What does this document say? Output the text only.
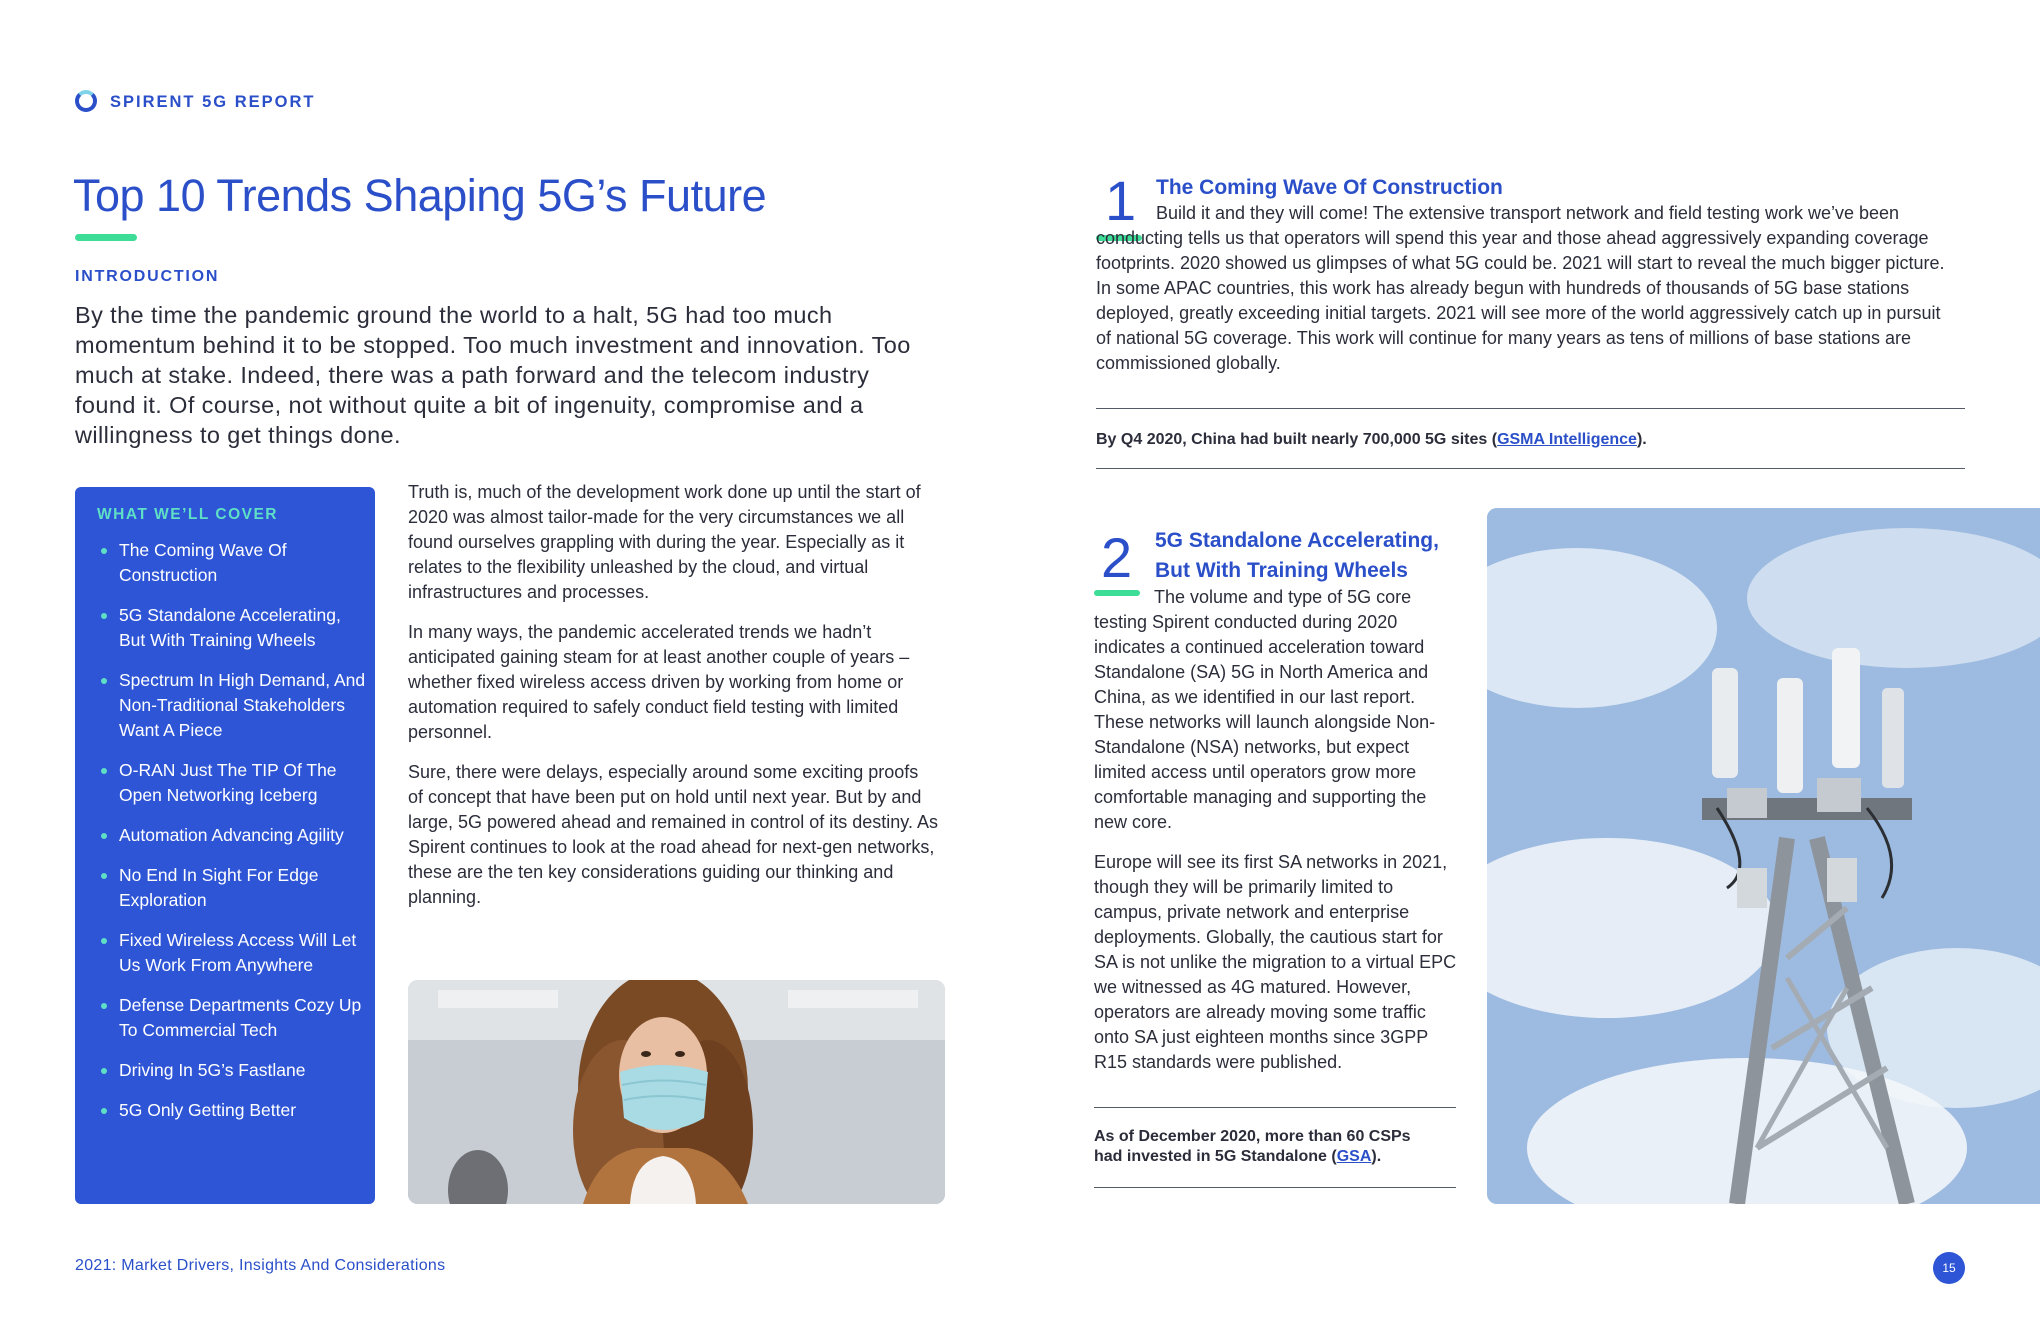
SPIRENT 5G REPORT
Top 10 Trends Shaping 5G’s Future
INTRODUCTION
By the time the pandemic ground the world to a halt, 5G had too much momentum behind it to be stopped. Too much investment and innovation. Too much at stake. Indeed, there was a path forward and the telecom industry found it. Of course, not without quite a bit of ingenuity, compromise and a willingness to get things done.
WHAT WE’LL COVER
The Coming Wave Of Construction
5G Standalone Accelerating, But With Training Wheels
Spectrum In High Demand, And Non-Traditional Stakeholders Want A Piece
O-RAN Just The TIP Of The Open Networking Iceberg
Automation Advancing Agility
No End In Sight For Edge Exploration
Fixed Wireless Access Will Let Us Work From Anywhere
Defense Departments Cozy Up To Commercial Tech
Driving In 5G’s Fastlane
5G Only Getting Better

Truth is, much of the development work done up until the start of 2020 was almost tailor-made for the very circumstances we all found ourselves grappling with during the year. Especially as it relates to the flexibility unleashed by the cloud, and virtual infrastructures and processes.

In many ways, the pandemic accelerated trends we hadn’t anticipated gaining steam for at least another couple of years – whether fixed wireless access driven by working from home or automation required to safely conduct field testing with limited personnel.

Sure, there were delays, especially around some exciting proofs of concept that have been put on hold until next year. But by and large, 5G powered ahead and remained in control of its destiny. As Spirent continues to look at the road ahead for next-gen networks, these are the ten key considerations guiding our thinking and planning.

1 The Coming Wave Of Construction
Build it and they will come! The extensive transport network and field testing work we’ve been conducting tells us that operators will spend this year and those ahead aggressively expanding coverage footprints. 2020 showed us glimpses of what 5G could be. 2021 will start to reveal the much bigger picture. In some APAC countries, this work has already begun with hundreds of thousands of 5G base stations deployed, greatly exceeding initial targets. 2021 will see more of the world aggressively catch up in pursuit of national 5G coverage. This work will continue for many years as tens of millions of base stations are commissioned globally.
By Q4 2020, China had built nearly 700,000 5G sites (GSMA Intelligence).
2 5G Standalone Accelerating, But With Training Wheels

The volume and type of 5G core testing Spirent conducted during 2020 indicates a continued acceleration toward Standalone (SA) 5G in North America and China, as we identified in our last report. These networks will launch alongside Non-Standalone (NSA) networks, but expect limited access until operators grow more comfortable managing and supporting the new core.

Europe will see its first SA networks in 2021, though they will be primarily limited to campus, private network and enterprise deployments. Globally, the cautious start for SA is not unlike the migration to a virtual EPC we witnessed as 4G matured. However, operators are already moving some traffic onto SA just eighteen months since 3GPP R15 standards were published.

As of December 2020, more than 60 CSPs had invested in 5G Standalone (GSA).
2021: Market Drivers, Insights And Considerations	15
